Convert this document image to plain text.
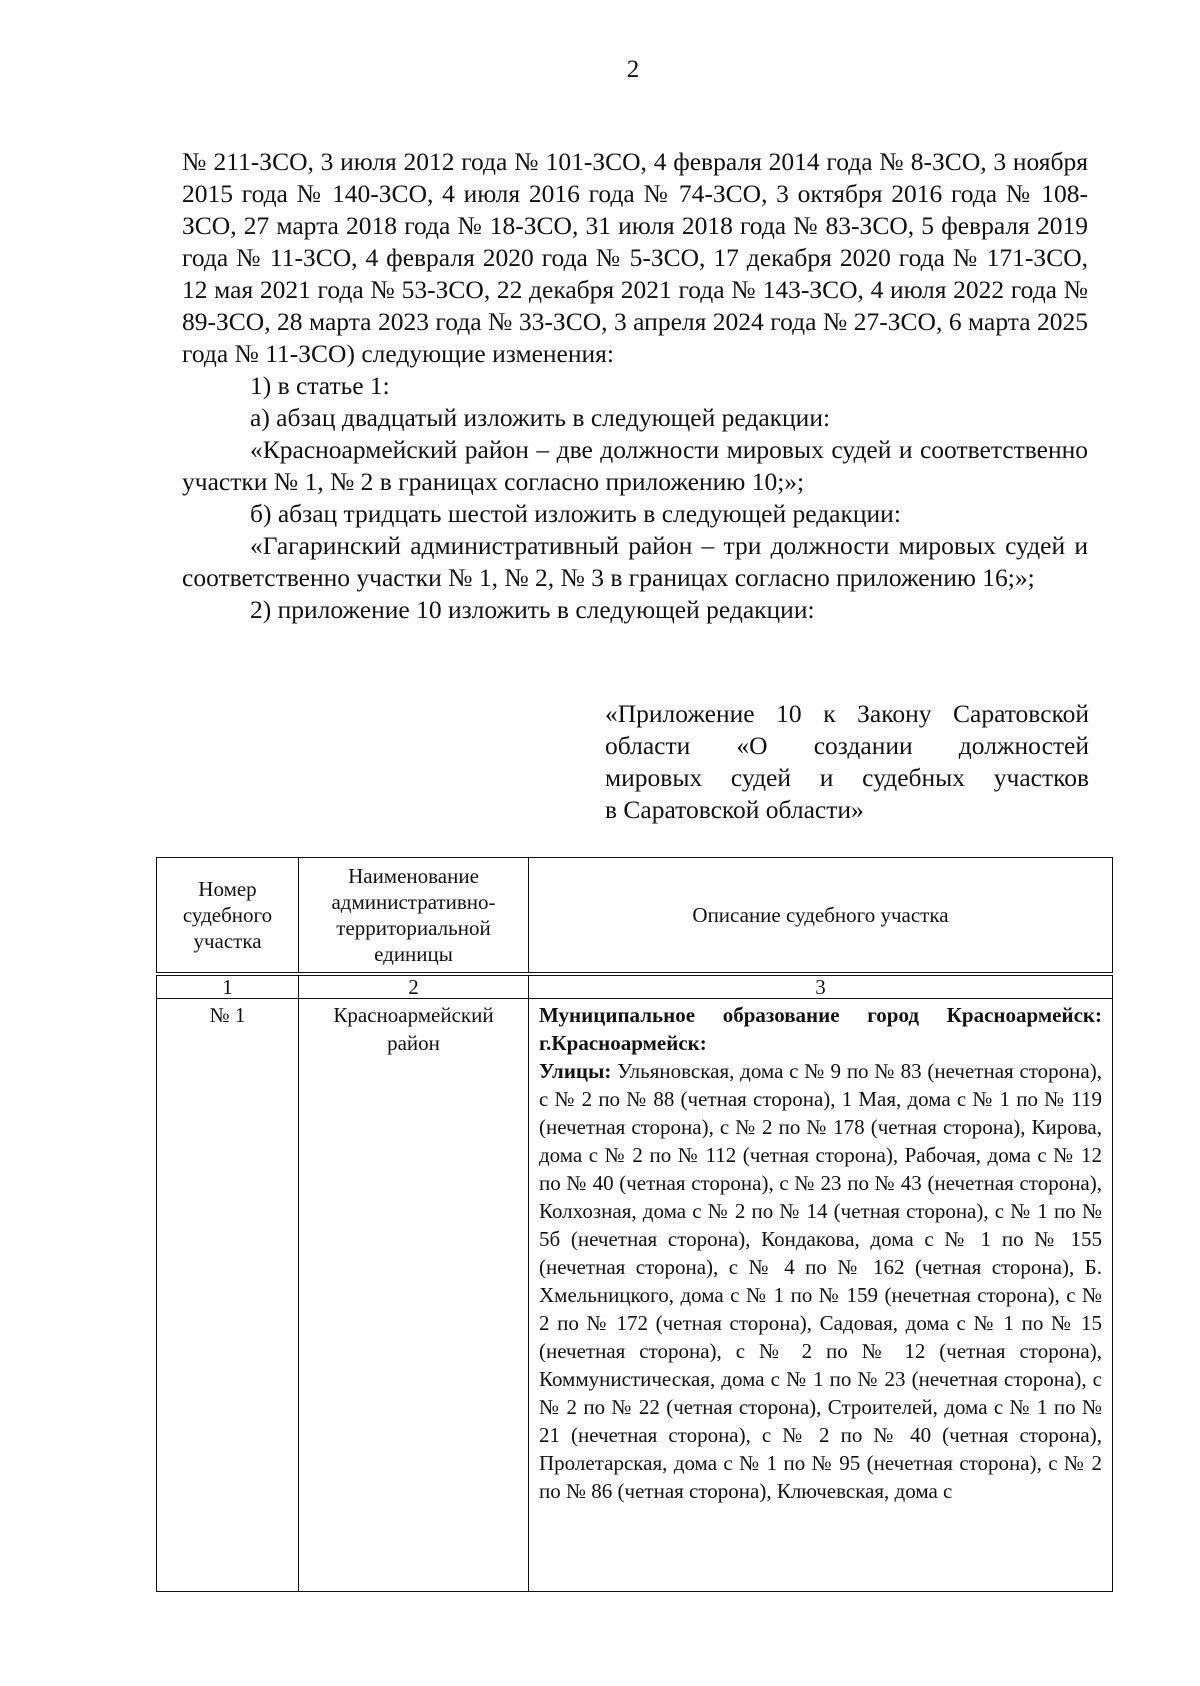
2

№ 211-ЗСО, 3 июля 2012 года № 101-ЗСО, 4 февраля 2014 года № 8-ЗСО, 3 ноября 2015 года № 140-ЗСО, 4 июля 2016 года № 74-ЗСО, 3 октября 2016 года № 108-ЗСО, 27 марта 2018 года № 18-ЗСО, 31 июля 2018 года № 83-ЗСО, 5 февраля 2019 года № 11-ЗСО, 4 февраля 2020 года № 5-ЗСО, 17 декабря 2020 года № 171-ЗСО, 12 мая 2021 года № 53-ЗСО, 22 декабря 2021 года № 143-ЗСО, 4 июля 2022 года № 89-ЗСО, 28 марта 2023 года № 33-ЗСО, 3 апреля 2024 года № 27-ЗСО, 6 марта 2025 года № 11-ЗСО) следующие изменения:

1) в статье 1:

а) абзац двадцатый изложить в следующей редакции:

«Красноармейский район – две должности мировых судей и соответственно участки № 1, № 2 в границах согласно приложению 10;»;

б) абзац тридцать шестой изложить в следующей редакции:

«Гагаринский административный район – три должности мировых судей и соответственно участки № 1, № 2, № 3 в границах согласно приложению 16;»;

2) приложение 10 изложить в следующей редакции:

«Приложение 10 к Закону Саратовской
области «О создании должностей
мировых судей и судебных участков
в Саратовской области»
Номер судебного участка	Наименование административно-территориальной единицы	Описание судебного участка
1	2	3
№ 1	Красноармейский район	Муниципальное образование город Красноармейск: г.Красноармейск:
Улицы: Ульяновская, дома с № 9 по № 83 (нечетная сторона), с № 2 по № 88 (четная сторона), 1 Мая, дома с № 1 по № 119 (нечетная сторона), с № 2 по № 178 (четная сторона), Кирова, дома с № 2 по № 112 (четная сторона), Рабочая, дома с № 12 по № 40 (четная сторона), с № 23 по № 43 (нечетная сторона), Колхозная, дома с № 2 по № 14 (четная сторона), с № 1 по № 5б (нечетная сторона), Кондакова, дома с № 1 по № 155 (нечетная сторона), с № 4 по № 162 (четная сторона), Б. Хмельницкого, дома с № 1 по № 159 (нечетная сторона), с № 2 по № 172 (четная сторона), Садовая, дома с № 1 по № 15 (нечетная сторона), с № 2 по № 12 (четная сторона), Коммунистическая, дома с № 1 по № 23 (нечетная сторона), с № 2 по № 22 (четная сторона), Строителей, дома с № 1 по № 21 (нечетная сторона), с № 2 по № 40 (четная сторона), Пролетарская, дома с № 1 по № 95 (нечетная сторона), с № 2 по № 86 (четная сторона), Ключевская, дома с
